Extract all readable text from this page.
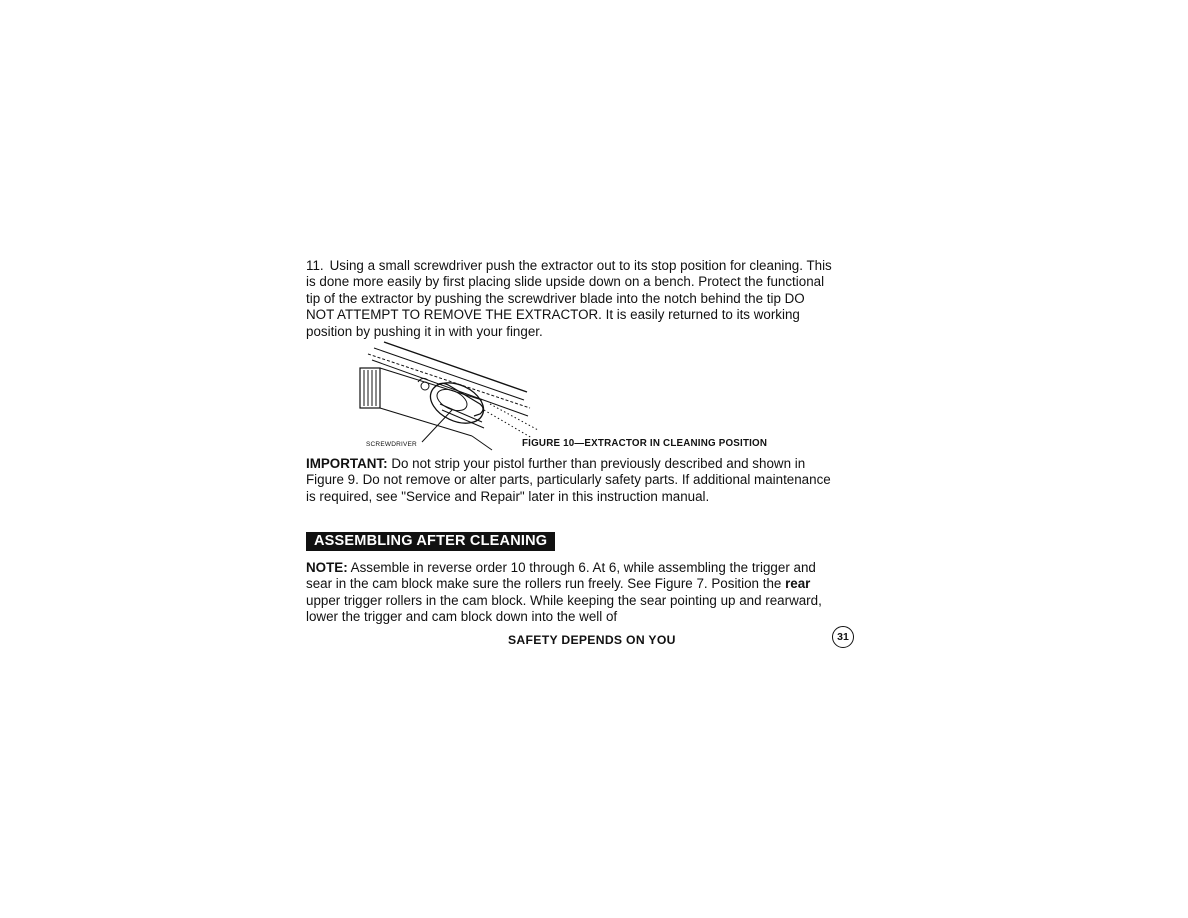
11. Using a small screwdriver push the extractor out to its stop position for cleaning. This is done more easily by first placing slide upside down on a bench. Protect the functional tip of the extractor by pushing the screwdriver blade into the notch behind the tip DO NOT ATTEMPT TO REMOVE THE EXTRACTOR. It is easily returned to its working position by pushing it in with your finger.

SCREWDRIVER	FIGURE 10—EXTRACTOR IN CLEANING POSITION

IMPORTANT: Do not strip your pistol further than previously described and shown in Figure 9. Do not remove or alter parts, particularly safety parts. If additional maintenance is required, see "Service and Repair" later in this instruction manual.

ASSEMBLING AFTER CLEANING

NOTE: Assemble in reverse order 10 through 6. At 6, while assembling the trigger and sear in the cam block make sure the rollers run freely. See Figure 7. Position the rear upper trigger rollers in the cam block. While keeping the sear pointing up and rearward, lower the trigger and cam block down into the well of

SAFETY DEPENDS ON YOU	31
